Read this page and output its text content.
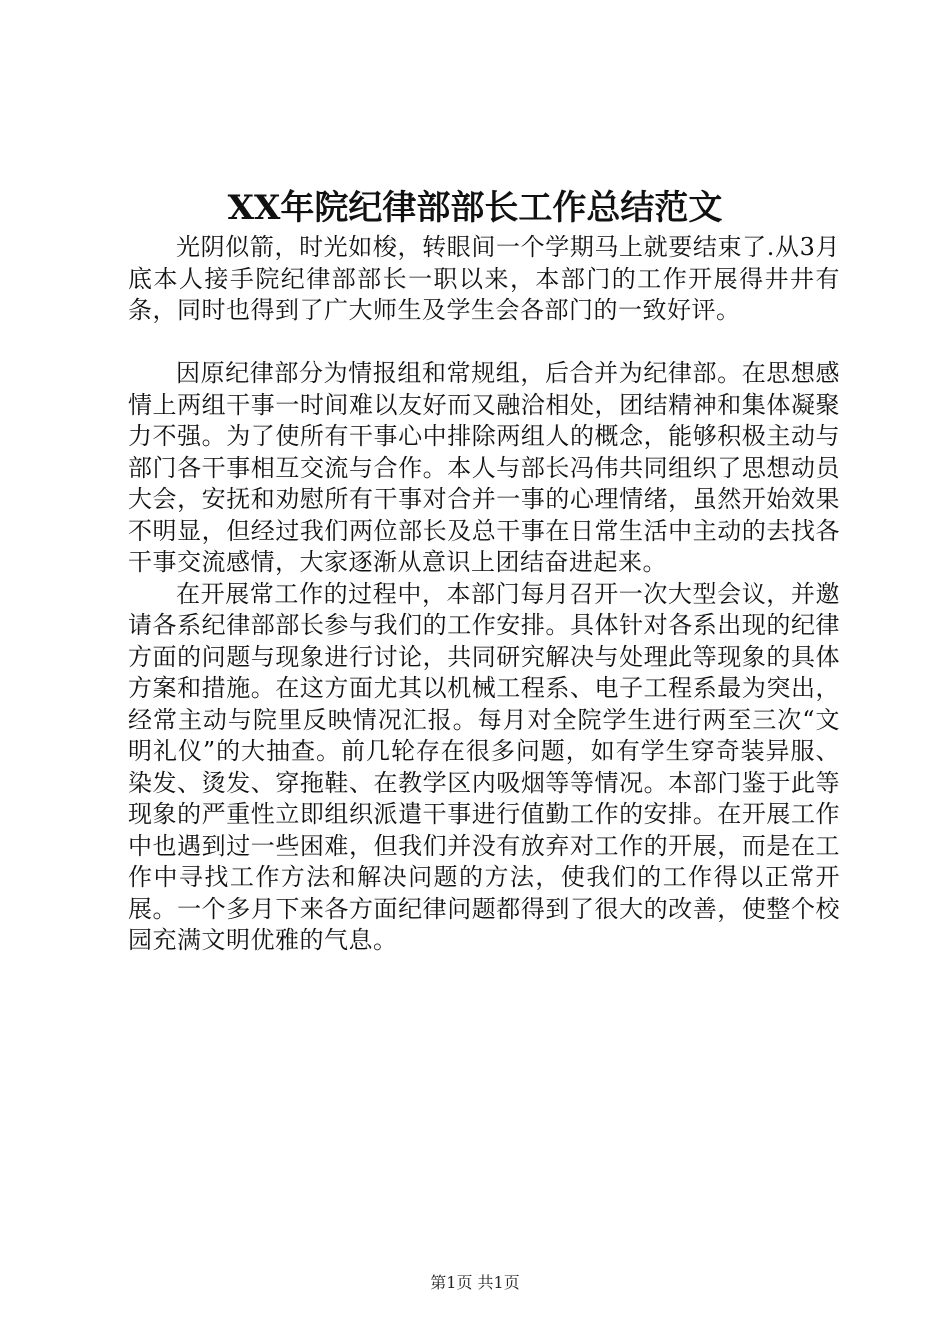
XX年院纪律部部长工作总结范文

光阴似箭，时光如梭，转眼间一个学期马上就要结束了.从3月底本人接手院纪律部部长一职以来，本部门的工作开展得井井有条，同时也得到了广大师生及学生会各部门的一致好评。

因原纪律部分为情报组和常规组，后合并为纪律部。在思想感情上两组干事一时间难以友好而又融洽相处，团结精神和集体凝聚力不强。为了使所有干事心中排除两组人的概念，能够积极主动与部门各干事相互交流与合作。本人与部长冯伟共同组织了思想动员大会，安抚和劝慰所有干事对合并一事的心理情绪，虽然开始效果不明显，但经过我们两位部长及总干事在日常生活中主动的去找各干事交流感情，大家逐渐从意识上团结奋进起来。

在开展常工作的过程中，本部门每月召开一次大型会议，并邀请各系纪律部部长参与我们的工作安排。具体针对各系出现的纪律方面的问题与现象进行讨论，共同研究解决与处理此等现象的具体方案和措施。在这方面尤其以机械工程系、电子工程系最为突出，经常主动与院里反映情况汇报。每月对全院学生进行两至三次“文明礼仪”的大抽查。前几轮存在很多问题，如有学生穿奇装异服、染发、烫发、穿拖鞋、在教学区内吸烟等等情况。本部门鉴于此等现象的严重性立即组织派遣干事进行值勤工作的安排。在开展工作中也遇到过一些困难，但我们并没有放弃对工作的开展，而是在工作中寻找工作方法和解决问题的方法，使我们的工作得以正常开展。一个多月下来各方面纪律问题都得到了很大的改善，使整个校园充满文明优雅的气息。

第1页 共1页
